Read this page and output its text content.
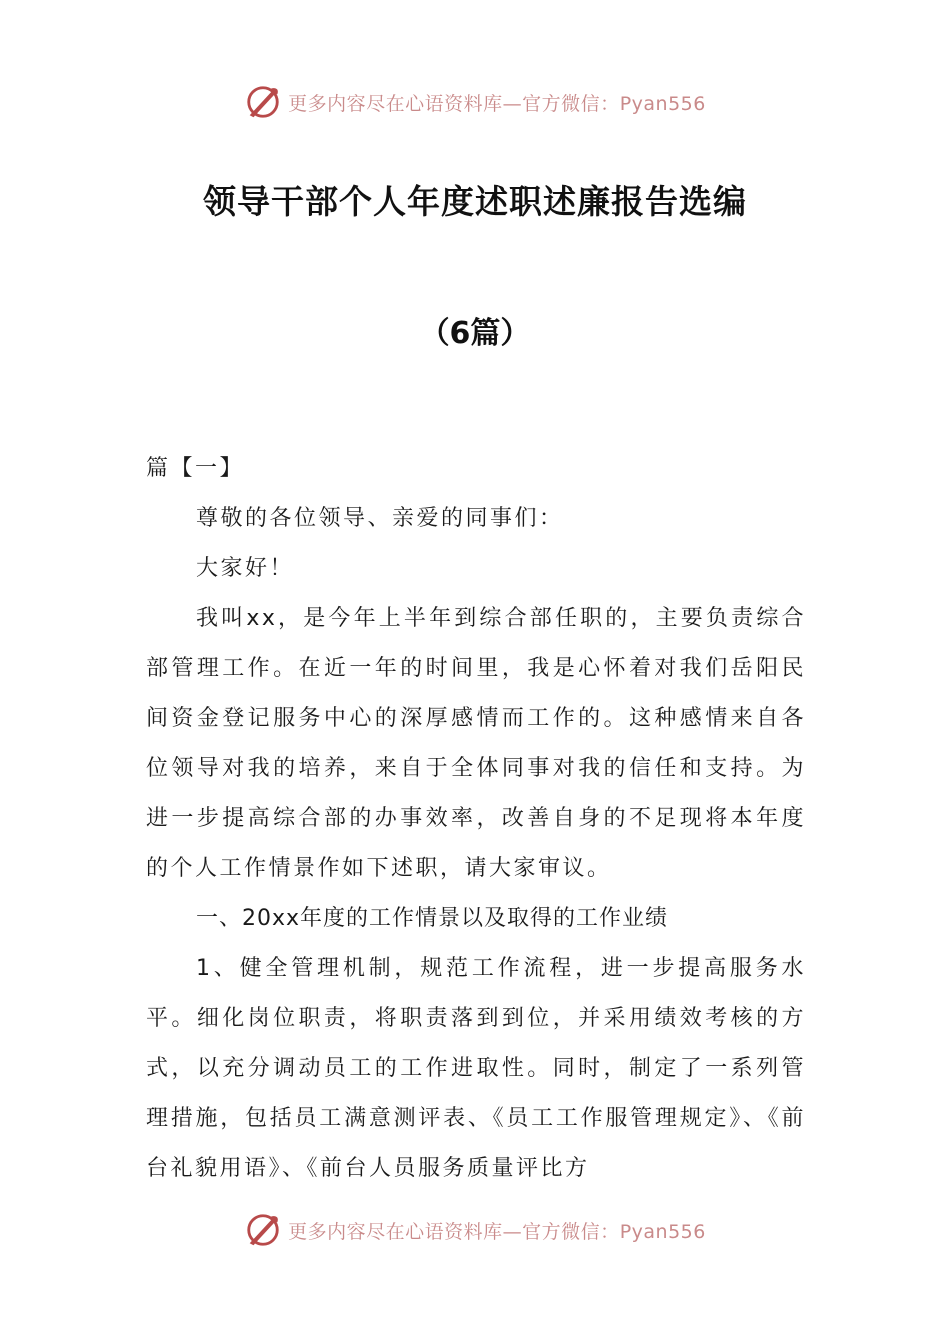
更多内容尽在心语资料库—官方微信：Pyan556
领导干部个人年度述职述廉报告选编
（6篇）

篇【一】

尊敬的各位领导、亲爱的同事们：

大家好！

我叫xx，是今年上半年到综合部任职的，主要负责综合部管理工作。在近一年的时间里，我是心怀着对我们岳阳民间资金登记服务中心的深厚感情而工作的。这种感情来自各位领导对我的培养，来自于全体同事对我的信任和支持。为进一步提高综合部的办事效率，改善自身的不足现将本年度的个人工作情景作如下述职，请大家审议。

一、20xx年度的工作情景以及取得的工作业绩

1、健全管理机制，规范工作流程，进一步提高服务水平。细化岗位职责，将职责落到到位，并采用绩效考核的方式，以充分调动员工的工作进取性。同时，制定了一系列管理措施，包括员工满意测评表、《员工工作服管理规定》、《前台礼貌用语》、《前台人员服务质量评比方

更多内容尽在心语资料库—官方微信：Pyan556
